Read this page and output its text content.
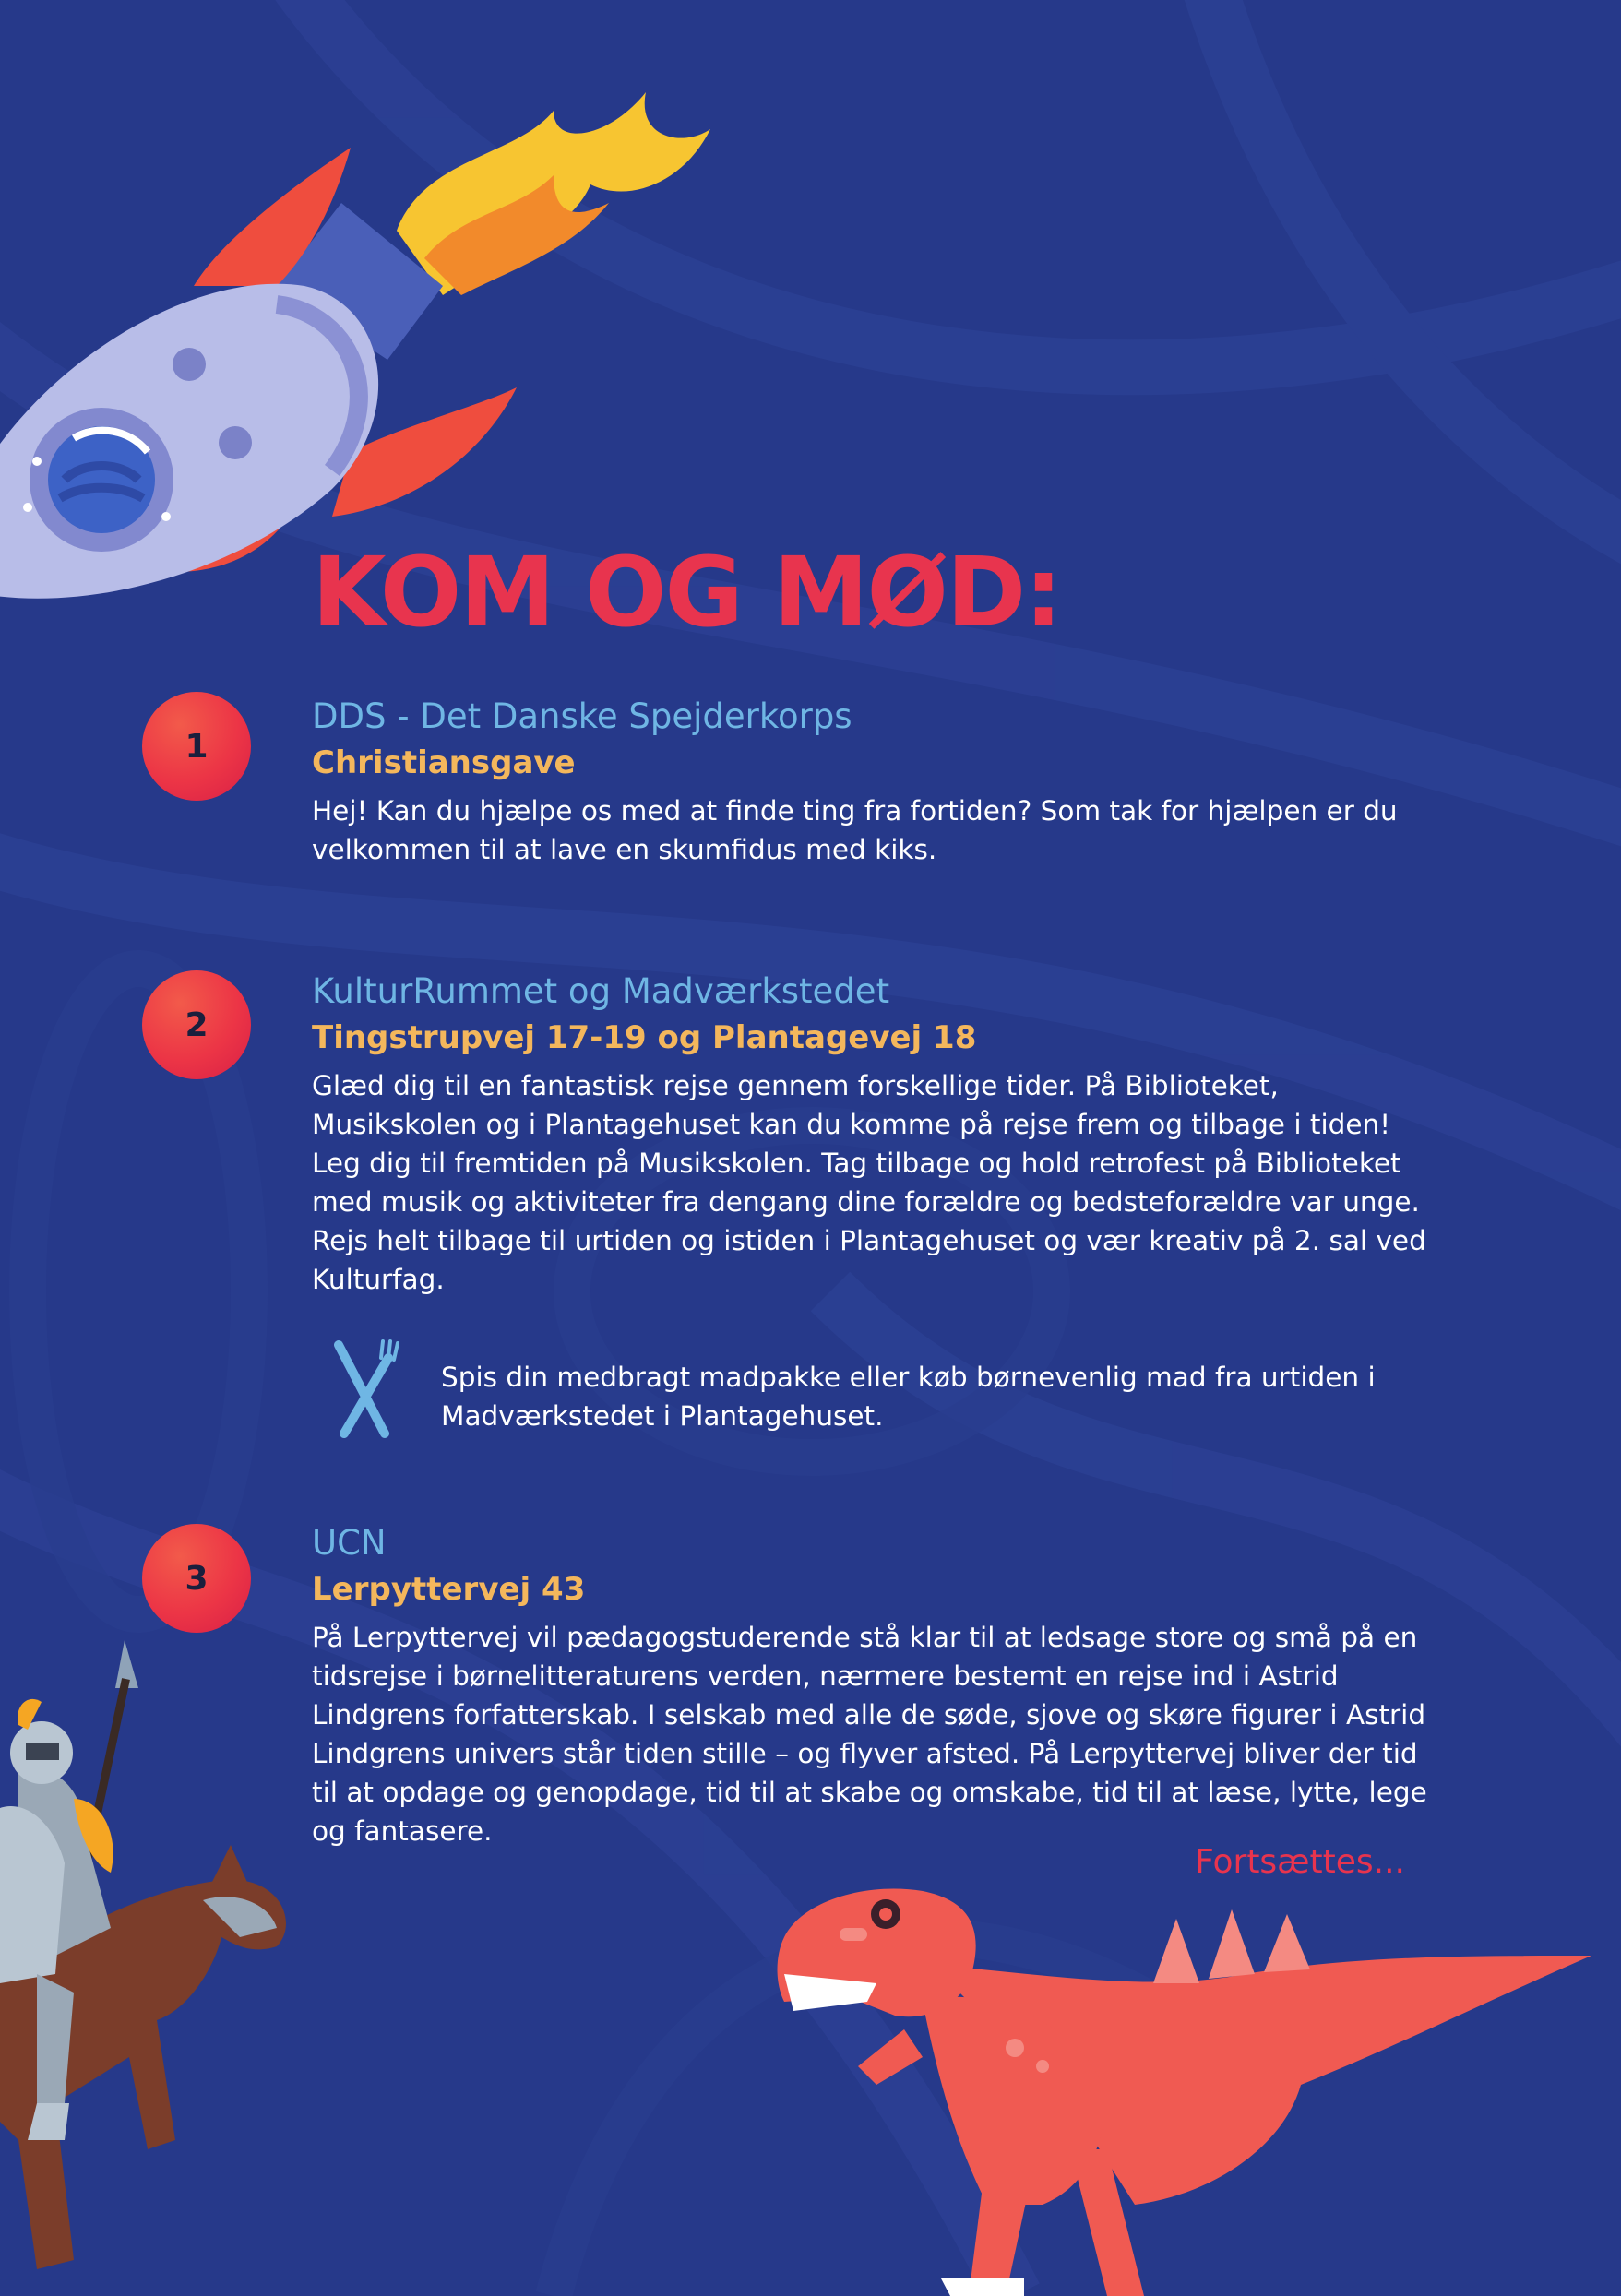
KOM OG MØD:
1

DDS - Det Danske Spejderkorps

Christiansgave

Hej! Kan du hjælpe os med at finde ting fra fortiden? Som tak for hjælpen er du velkommen til at lave en skumfidus med kiks.

2

KulturRummet og Madværkstedet

Tingstrupvej 17-19 og Plantagevej 18

Glæd dig til en fantastisk rejse gennem forskellige tider. På Biblioteket, Musikskolen og i Plantagehuset kan du komme på rejse frem og tilbage i tiden! Leg dig til fremtiden på Musikskolen. Tag tilbage og hold retrofest på Biblioteket med musik og aktiviteter fra dengang dine forældre og bedsteforældre var unge. Rejs helt tilbage til urtiden og istiden i Plantagehuset og vær kreativ på 2. sal ved Kulturfag.

Spis din medbragt madpakke eller køb børnevenlig mad fra urtiden i Madværkstedet i Plantagehuset.

3

UCN

Lerpyttervej 43

På Lerpyttervej vil pædagogstuderende stå klar til at ledsage store og små på en tidsrejse i børnelitteraturens verden, nærmere bestemt en rejse ind i Astrid Lindgrens forfatterskab. I selskab med alle de søde, sjove og skøre figurer i Astrid Lindgrens univers står tiden stille – og flyver afsted. På Lerpyttervej bliver der tid til at opdage og genopdage, tid til at skabe og omskabe, tid til at læse, lytte, lege og fantasere.

Fortsættes...
